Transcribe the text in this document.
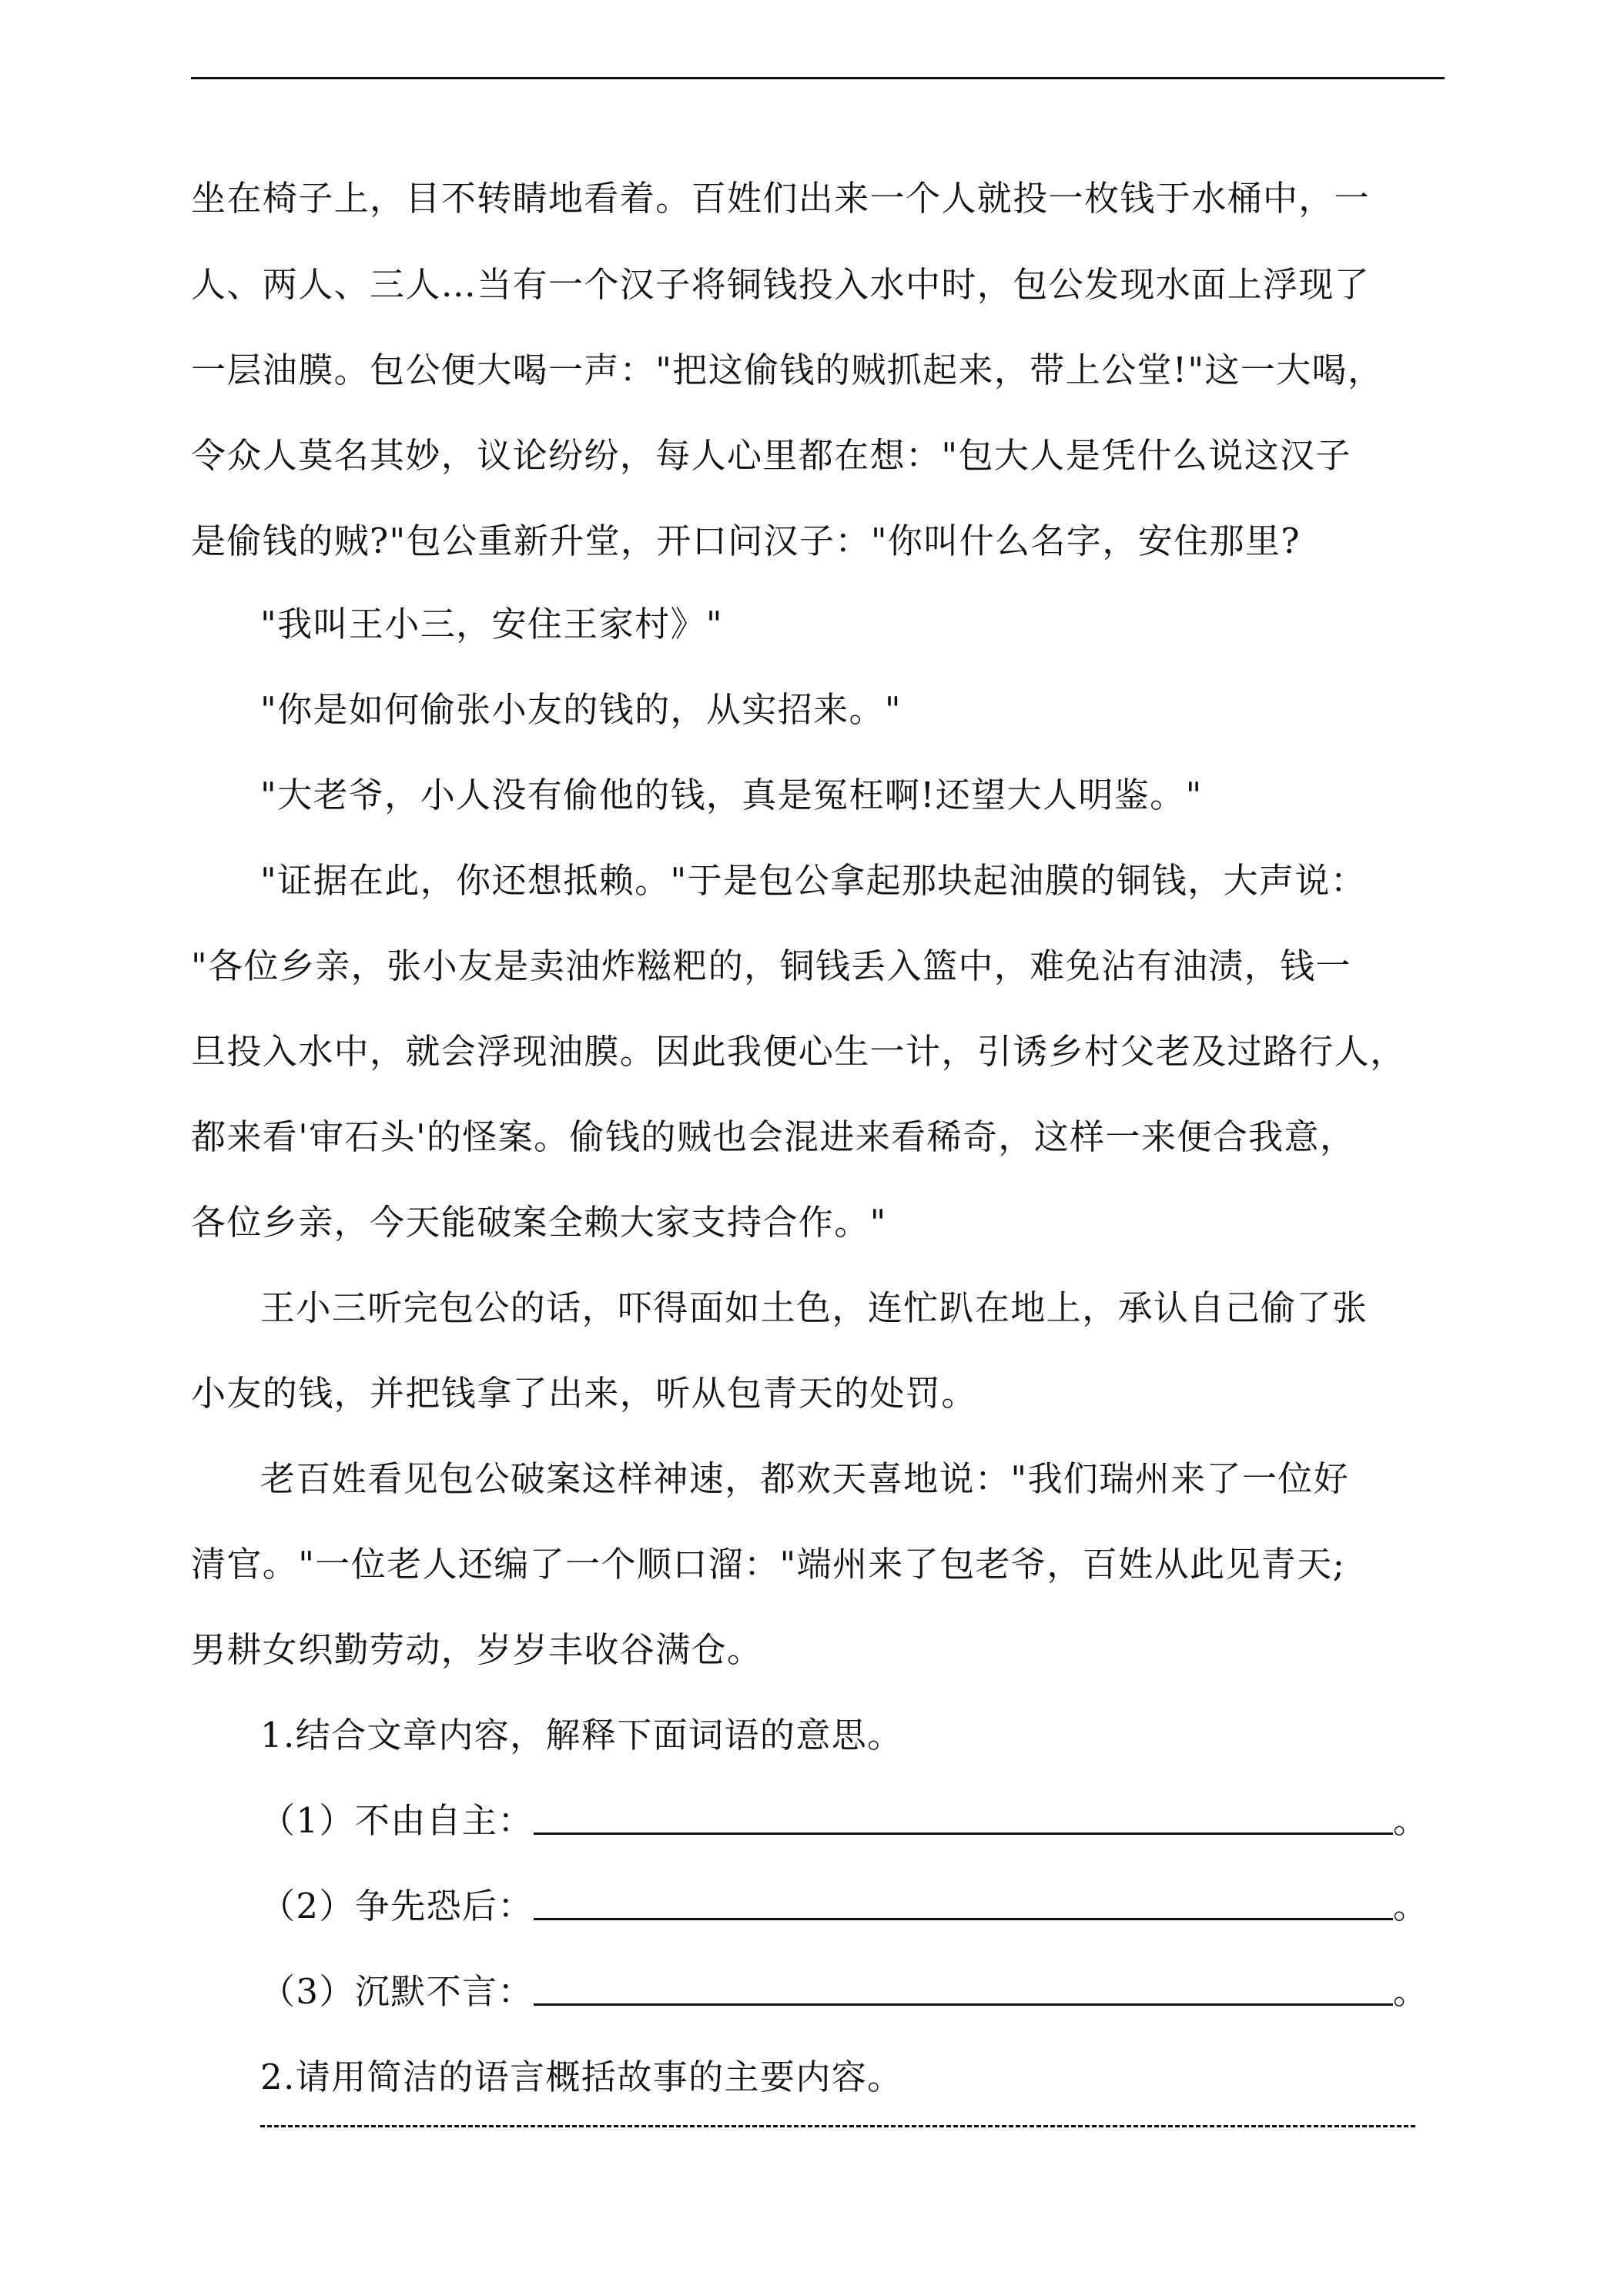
坐在椅子上，目不转睛地看着。百姓们出来一个人就投一枚钱于水桶中，一
人、两人、三人…当有一个汉子将铜钱投入水中时，包公发现水面上浮现了
一层油膜。包公便大喝一声："把这偷钱的贼抓起来，带上公堂!"这一大喝，
令众人莫名其妙，议论纷纷，每人心里都在想："包大人是凭什么说这汉子
是偷钱的贼?"包公重新升堂，开口问汉子："你叫什么名字，安住那里?
"我叫王小三，安住王家村》"
"你是如何偷张小友的钱的，从实招来。"
"大老爷，小人没有偷他的钱，真是冤枉啊!还望大人明鉴。"
"证据在此，你还想抵赖。"于是包公拿起那块起油膜的铜钱，大声说：
"各位乡亲，张小友是卖油炸糍粑的，铜钱丢入篮中，难免沾有油渍，钱一
旦投入水中，就会浮现油膜。因此我便心生一计，引诱乡村父老及过路行人，
都来看'审石头'的怪案。偷钱的贼也会混进来看稀奇，这样一来便合我意，
各位乡亲，今天能破案全赖大家支持合作。"
王小三听完包公的话，吓得面如土色，连忙趴在地上，承认自己偷了张
小友的钱，并把钱拿了出来，听从包青天的处罚。
老百姓看见包公破案这样神速，都欢天喜地说："我们瑞州来了一位好
清官。"一位老人还编了一个顺口溜："端州来了包老爷，百姓从此见青天;
男耕女织勤劳动，岁岁丰收谷满仓。
1.结合文章内容，解释下面词语的意思。
（1）不由自主：	。
（2）争先恐后：	。
（3）沉默不言：	。
2.请用简洁的语言概括故事的主要内容。
